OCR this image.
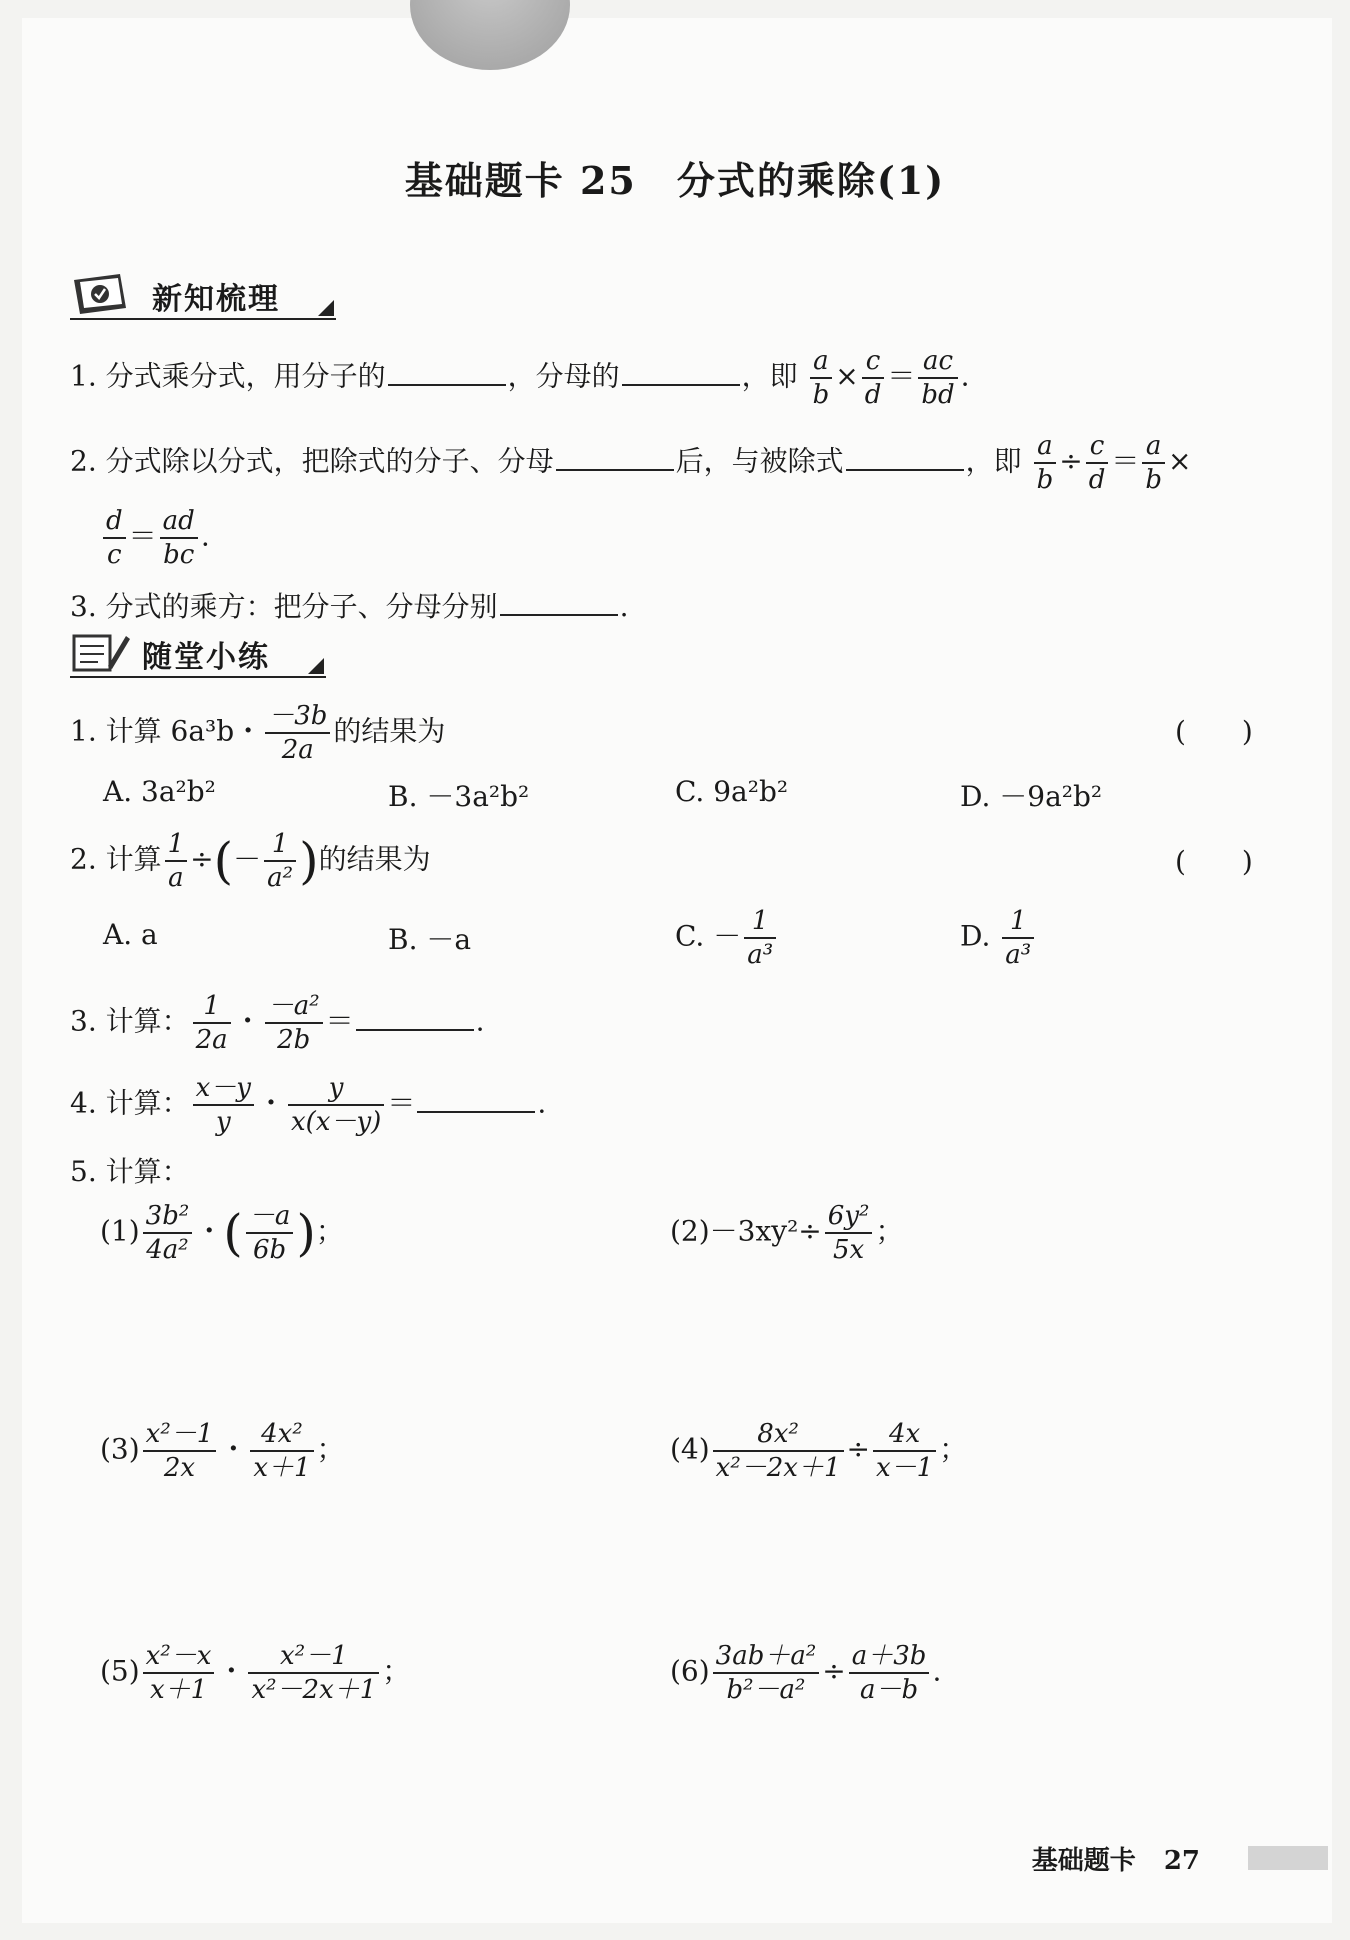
基础题卡 25　分式的乘除(1)
新知梳理
1. 分式乘分式，用分子的	，分母的	，即 $\frac{a}{b} \times \frac{c}{d} = \frac{ac}{bd}$ .
2. 分式除以分式，把除式的分子、分母	后，与被除式	，即 $\frac{a}{b} \div \frac{c}{d} = \frac{a}{b}$ ×
$\frac{d}{c} = \frac{ad}{bc}$ .
3. 分式的乘方：把分子、分母分别	.
随堂小练
1. 计算 6a³b・ $\frac{-3b}{2a}$ 的结果为	(　　)
A. 3a²b²	B. －3a²b²	C. 9a²b²	D. －9a²b²
2. 计算 $\frac{1}{a}$ ÷(－ $\frac{1}{\text{a²}}$ )的结果为	(　　)
A. a	B. －a	C. － $\frac{1}{\text{a³}}$	D. $\frac{1}{\text{a³}}$
3. 计算： $\frac{1}{2a}$ ・ $\frac{\text{－a²}}{2b}$ ＝	.
4. 计算： $\frac{x-y}{y}$ ・ $\frac{y}{x(x-y)}$ ＝	.
5. 计算：
$(1) \frac{\text{3b²}}{\text{4a²}}$ ・( $\frac{-a}{6b}$ )；	$(2)-3xy^2\div \frac{\text{6y²}}{5x}$ ；
$(3) \frac{\text{x²－1}}{2x}$ ・ $\frac{\text{4x²}}{x+1}$ ；	$(4) \frac{\text{8x²}}{\text{x²－2x＋1}} \div \frac{4x}{x-1}$ ；
$(5) \frac{\text{x²－x}}{x+1}$ ・ $\frac{\text{x²－1}}{\text{x²－2x＋1}}$ ；	$(6) \frac{\text{3ab＋a²}}{\text{b²－a²}} \div \frac{a+3b}{a-b}$ .
基础题卡 27
